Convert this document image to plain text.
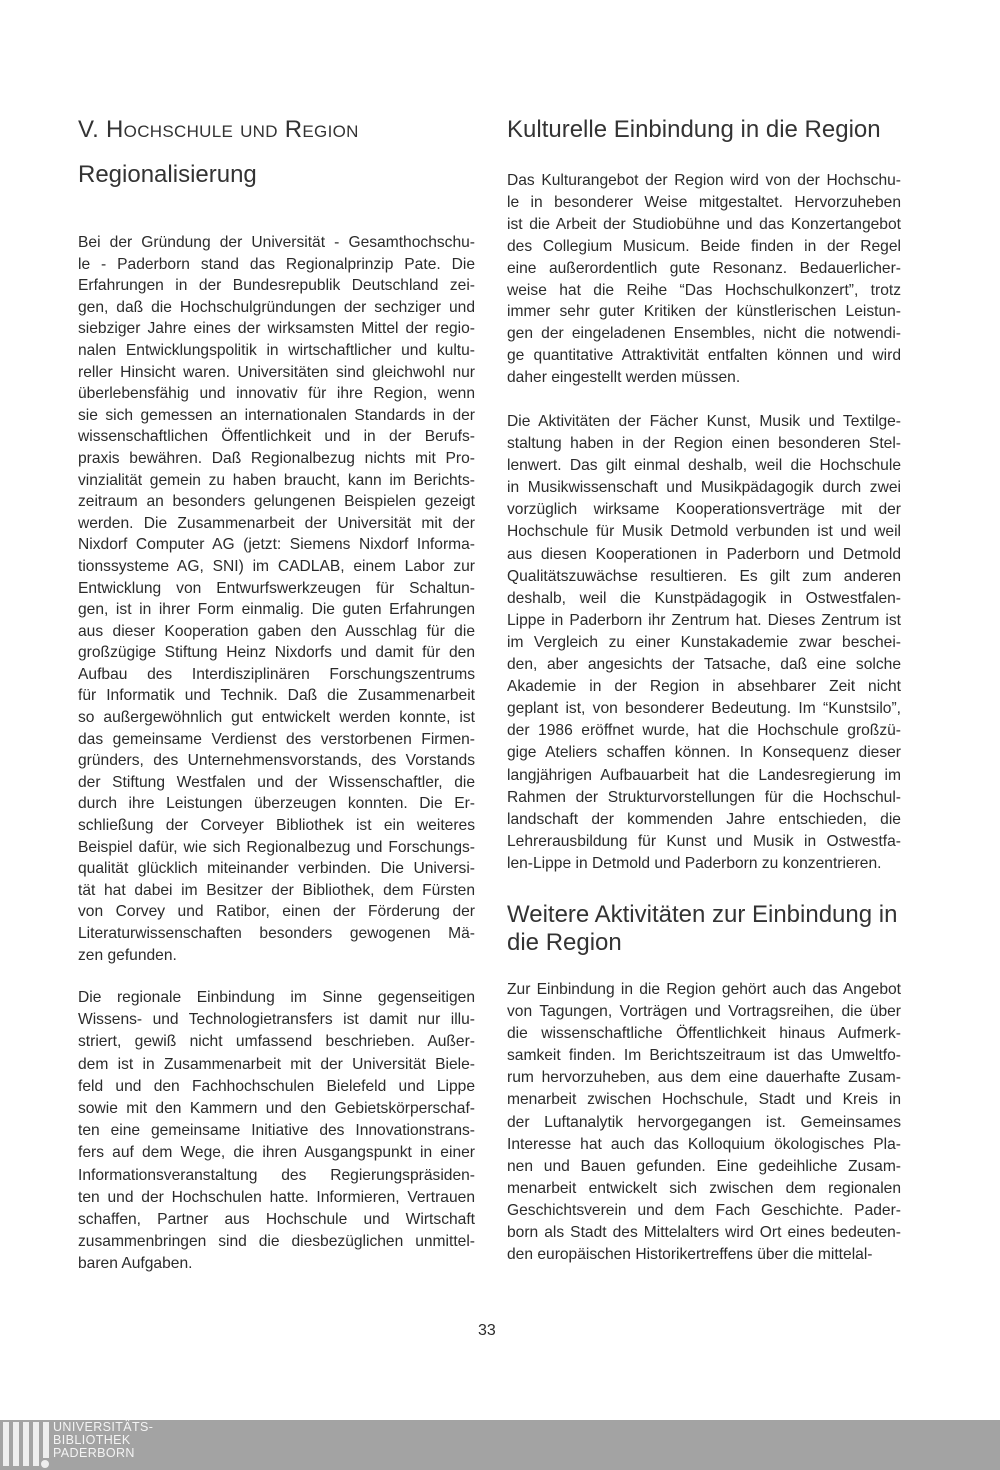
V. Hochschule und Region
Regionalisierung
Bei der Gründung der Universität - Gesamthochschu-
le - Paderborn stand das Regionalprinzip Pate. Die
Erfahrungen in der Bundesrepublik Deutschland zei-
gen, daß die Hochschulgründungen der sechziger und
siebziger Jahre eines der wirksamsten Mittel der regio-
nalen Entwicklungspolitik in wirtschaftlicher und kultu-
reller Hinsicht waren. Universitäten sind gleichwohl nur
überlebensfähig und innovativ für ihre Region, wenn
sie sich gemessen an internationalen Standards in der
wissenschaftlichen Öffentlichkeit und in der Berufs-
praxis bewähren. Daß Regionalbezug nichts mit Pro-
vinzialität gemein zu haben braucht, kann im Berichts-
zeitraum an besonders gelungenen Beispielen gezeigt
werden. Die Zusammenarbeit der Universität mit der
Nixdorf Computer AG (jetzt: Siemens Nixdorf Informa-
tionssysteme AG, SNI) im CADLAB, einem Labor zur
Entwicklung von Entwurfswerkzeugen für Schaltun-
gen, ist in ihrer Form einmalig. Die guten Erfahrungen
aus dieser Kooperation gaben den Ausschlag für die
großzügige Stiftung Heinz Nixdorfs und damit für den
Aufbau des Interdisziplinären Forschungszentrums
für Informatik und Technik. Daß die Zusammenarbeit
so außergewöhnlich gut entwickelt werden konnte, ist
das gemeinsame Verdienst des verstorbenen Firmen-
gründers, des Unternehmensvorstands, des Vorstands
der Stiftung Westfalen und der Wissenschaftler, die
durch ihre Leistungen überzeugen konnten. Die Er-
schließung der Corveyer Bibliothek ist ein weiteres
Beispiel dafür, wie sich Regionalbezug und Forschungs-
qualität glücklich miteinander verbinden. Die Universi-
tät hat dabei im Besitzer der Bibliothek, dem Fürsten
von Corvey und Ratibor, einen der Förderung der
Literaturwissenschaften besonders gewogenen Mä-
zen gefunden.
Die regionale Einbindung im Sinne gegenseitigen
Wissens- und Technologietransfers ist damit nur illu-
striert, gewiß nicht umfassend beschrieben. Außer-
dem ist in Zusammenarbeit mit der Universität Biele-
feld und den Fachhochschulen Bielefeld und Lippe
sowie mit den Kammern und den Gebietskörperschaf-
ten eine gemeinsame Initiative des Innovationstrans-
fers auf dem Wege, die ihren Ausgangspunkt in einer
Informationsveranstaltung des Regierungspräsiden-
ten und der Hochschulen hatte. Informieren, Vertrauen
schaffen, Partner aus Hochschule und Wirtschaft
zusammenbringen sind die diesbezüglichen unmittel-
baren Aufgaben.
Kulturelle Einbindung in die Region
Das Kulturangebot der Region wird von der Hochschu-
le in besonderer Weise mitgestaltet. Hervorzuheben
ist die Arbeit der Studiobühne und das Konzertangebot
des Collegium Musicum. Beide finden in der Regel
eine außerordentlich gute Resonanz. Bedauerlicher-
weise hat die Reihe “Das Hochschulkonzert”, trotz
immer sehr guter Kritiken der künstlerischen Leistun-
gen der eingeladenen Ensembles, nicht die notwendi-
ge quantitative Attraktivität entfalten können und wird
daher eingestellt werden müssen.
Die Aktivitäten der Fächer Kunst, Musik und Textilge-
staltung haben in der Region einen besonderen Stel-
lenwert. Das gilt einmal deshalb, weil die Hochschule
in Musikwissenschaft und Musikpädagogik durch zwei
vorzüglich wirksame Kooperationsverträge mit der
Hochschule für Musik Detmold verbunden ist und weil
aus diesen Kooperationen in Paderborn und Detmold
Qualitätszuwächse resultieren. Es gilt zum anderen
deshalb, weil die Kunstpädagogik in Ostwestfalen-
Lippe in Paderborn ihr Zentrum hat. Dieses Zentrum ist
im Vergleich zu einer Kunstakademie zwar beschei-
den, aber angesichts der Tatsache, daß eine solche
Akademie in der Region in absehbarer Zeit nicht
geplant ist, von besonderer Bedeutung. Im “Kunstsilo”,
der 1986 eröffnet wurde, hat die Hochschule großzü-
gige Ateliers schaffen können. In Konsequenz dieser
langjährigen Aufbauarbeit hat die Landesregierung im
Rahmen der Strukturvorstellungen für die Hochschul-
landschaft der kommenden Jahre entschieden, die
Lehrerausbildung für Kunst und Musik in Ostwestfa-
len-Lippe in Detmold und Paderborn zu konzentrieren.
Weitere Aktivitäten zur Einbindung in
die Region
Zur Einbindung in die Region gehört auch das Angebot
von Tagungen, Vorträgen und Vortragsreihen, die über
die wissenschaftliche Öffentlichkeit hinaus Aufmerk-
samkeit finden. Im Berichtszeitraum ist das Umweltfo-
rum hervorzuheben, aus dem eine dauerhafte Zusam-
menarbeit zwischen Hochschule, Stadt und Kreis in
der Luftanalytik hervorgegangen ist. Gemeinsames
Interesse hat auch das Kolloquium ökologisches Pla-
nen und Bauen gefunden. Eine gedeihliche Zusam-
menarbeit entwickelt sich zwischen dem regionalen
Geschichtsverein und dem Fach Geschichte. Pader-
born als Stadt des Mittelalters wird Ort eines bedeuten-
den europäischen Historikertreffens über die mittelal-
33
UNIVERSITÄTS-
BIBLIOTHEK
PADERBORN
